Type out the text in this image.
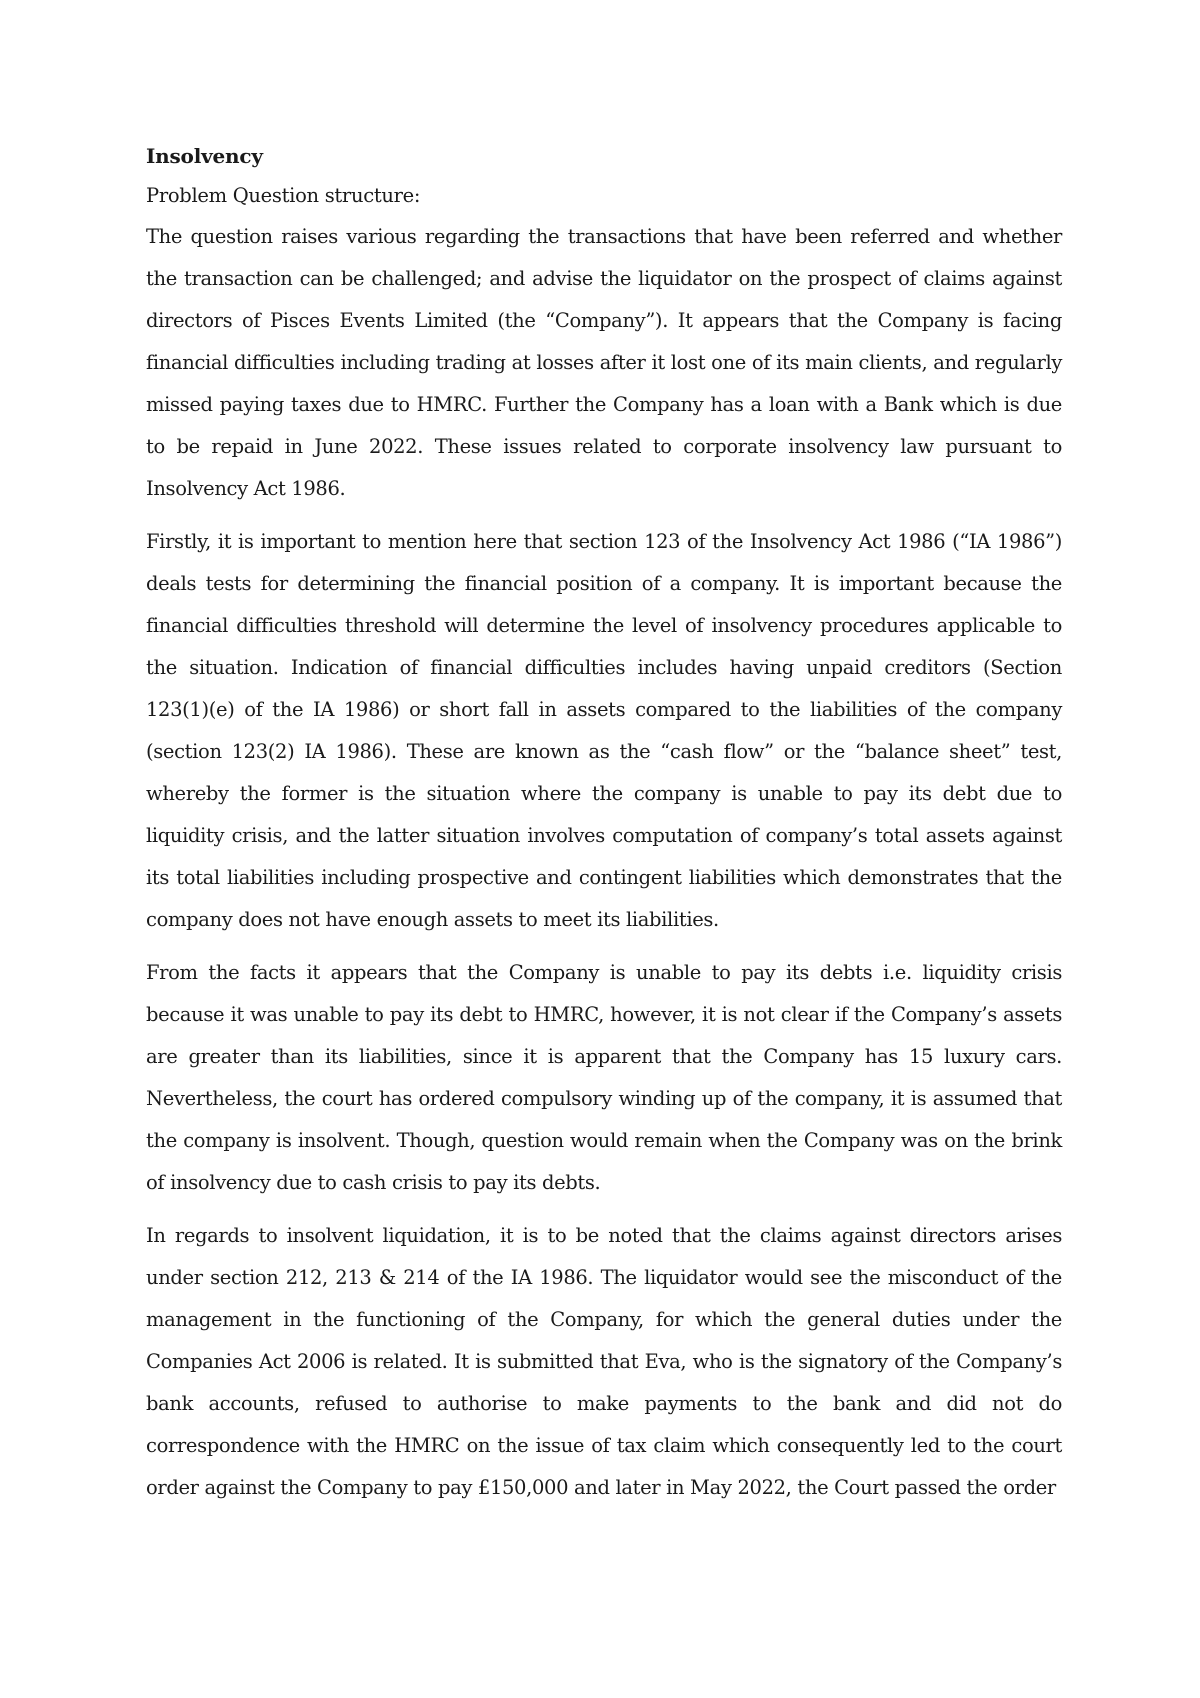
Insolvency
Problem Question structure:

The question raises various regarding the transactions that have been referred and whether the transaction can be challenged; and advise the liquidator on the prospect of claims against directors of Pisces Events Limited (the “Company”). It appears that the Company is facing financial difficulties including trading at losses after it lost one of its main clients, and regularly missed paying taxes due to HMRC. Further the Company has a loan with a Bank which is due to be repaid in June 2022. These issues related to corporate insolvency law pursuant to Insolvency Act 1986.

Firstly, it is important to mention here that section 123 of the Insolvency Act 1986 (“IA 1986”) deals tests for determining the financial position of a company. It is important because the financial difficulties threshold will determine the level of insolvency procedures applicable to the situation. Indication of financial difficulties includes having unpaid creditors (Section 123(1)(e) of the IA 1986) or short fall in assets compared to the liabilities of the company (section 123(2) IA 1986). These are known as the “cash flow” or the “balance sheet” test, whereby the former is the situation where the company is unable to pay its debt due to liquidity crisis, and the latter situation involves computation of company’s total assets against its total liabilities including prospective and contingent liabilities which demonstrates that the company does not have enough assets to meet its liabilities.

From the facts it appears that the Company is unable to pay its debts i.e. liquidity crisis because it was unable to pay its debt to HMRC, however, it is not clear if the Company’s assets are greater than its liabilities, since it is apparent that the Company has 15 luxury cars. Nevertheless, the court has ordered compulsory winding up of the company, it is assumed that the company is insolvent. Though, question would remain when the Company was on the brink of insolvency due to cash crisis to pay its debts.

In regards to insolvent liquidation, it is to be noted that the claims against directors arises under section 212, 213 & 214 of the IA 1986. The liquidator would see the misconduct of the management in the functioning of the Company, for which the general duties under the Companies Act 2006 is related. It is submitted that Eva, who is the signatory of the Company’s bank accounts, refused to authorise to make payments to the bank and did not do correspondence with the HMRC on the issue of tax claim which consequently led to the court order against the Company to pay £150,000 and later in May 2022, the Court passed the order
